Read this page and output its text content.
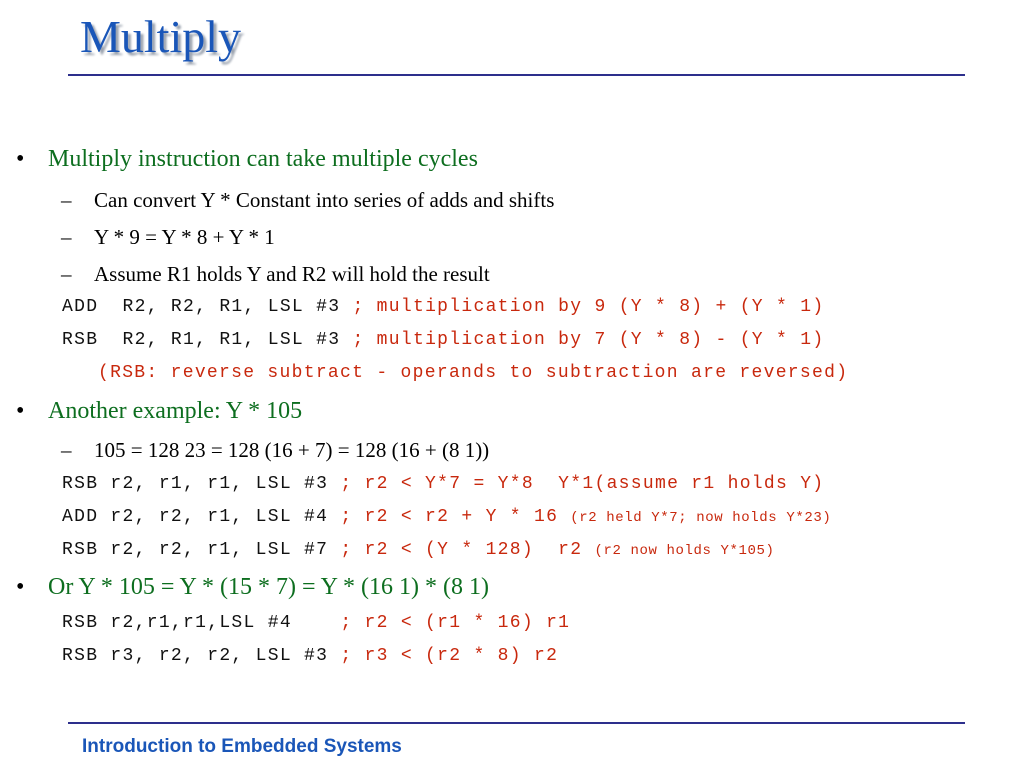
Multiply
• Multiply instruction can take multiple cycles
– Can convert Y * Constant into series of adds and shifts
– Y * 9 = Y * 8 + Y * 1
– Assume R1 holds Y and R2 will hold the result
ADD  R2, R2, R1, LSL #3 ; multiplication by 9 (Y * 8) + (Y * 1)
RSB  R2, R1, R1, LSL #3 ; multiplication by 7 (Y * 8) - (Y * 1)
(RSB: reverse subtract - operands to subtraction are reversed)
• Another example: Y * 105
– 105 = 128 23 = 128 (16 + 7) = 128 (16 + (8 1))
RSB r2, r1, r1, LSL #3 ; r2 < Y*7 = Y*8  Y*1(assume r1 holds Y)
ADD r2, r2, r1, LSL #4 ; r2 < r2 + Y * 16 (r2 held Y*7; now holds Y*23)
RSB r2, r2, r1, LSL #7 ; r2 < (Y * 128)  r2 (r2 now holds Y*105)
• Or Y * 105 = Y * (15 * 7) = Y * (16 1) * (8 1)
RSB r2,r1,r1,LSL #4    ; r2 < (r1 * 16) r1
RSB r3, r2, r2, LSL #3 ; r3 < (r2 * 8) r2
Introduction to Embedded Systems
